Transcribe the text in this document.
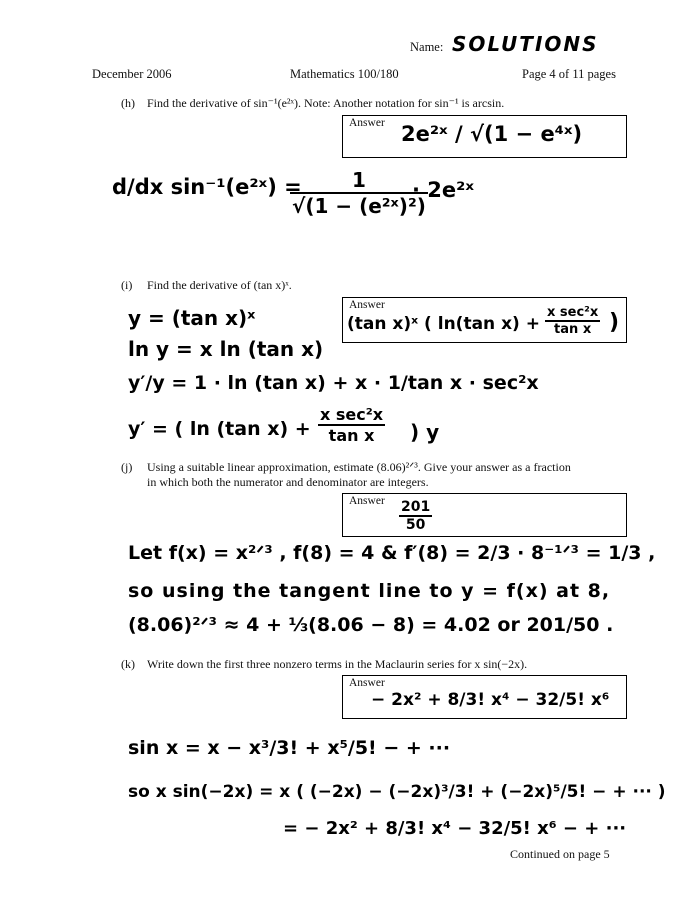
Name: SOLUTIONS
December 2006	Mathematics 100/180	Page 4 of 11 pages
(h) Find the derivative of sin⁻¹(e²ˣ). Note: Another notation for sin⁻¹ is arcsin.
Answer 2e²ˣ / √(1 − e⁴ˣ)
d/dx sin⁻¹(e²ˣ) =
$\frac{1}{\text{√(1 − (e²ˣ)²)}}$
· 2e²ˣ
(i) Find the derivative of (tan x)ˣ.
Answer
(tan x)ˣ ( ln(tan $x) + \frac{\text{x sec²x}}{\text{tan x}}$ )
y = (tan x)ˣ
ln y = x ln (tan x)
y′/y = 1 · ln (tan x) + x · 1/tan x · sec²x
y′ = ( ln (tan $x) + \frac{\text{x sec²x}}{\text{tan x}}$ ) y
(j) Using a suitable linear approximation, estimate (8.06)²ᐟ³. Give your answer as a fraction
in which both the numerator and denominator are integers.
Answer $\frac{201}{50}$
Let f(x) = x²ᐟ³ , f(8) = 4 & f′(8) = 2/3 · 8⁻¹ᐟ³ = 1/3 ,
so using the tangent line to y = f(x) at 8,
(8.06)²ᐟ³ ≈ 4 + ⅓(8.06 − 8) = 4.02 or 201/50 .
(k) Write down the first three nonzero terms in the Maclaurin series for x sin(−2x).
Answer
− 2x² + 8/3! x⁴ − 32/5! x⁶
sin x = x − x³/3! + x⁵/5! − + ···
so x sin(−2x) = x ( (−2x) − (−2x)³/3! + (−2x)⁵/5! − + ··· )
= − 2x² + 8/3! x⁴ − 32/5! x⁶ − + ···
Continued on page 5
